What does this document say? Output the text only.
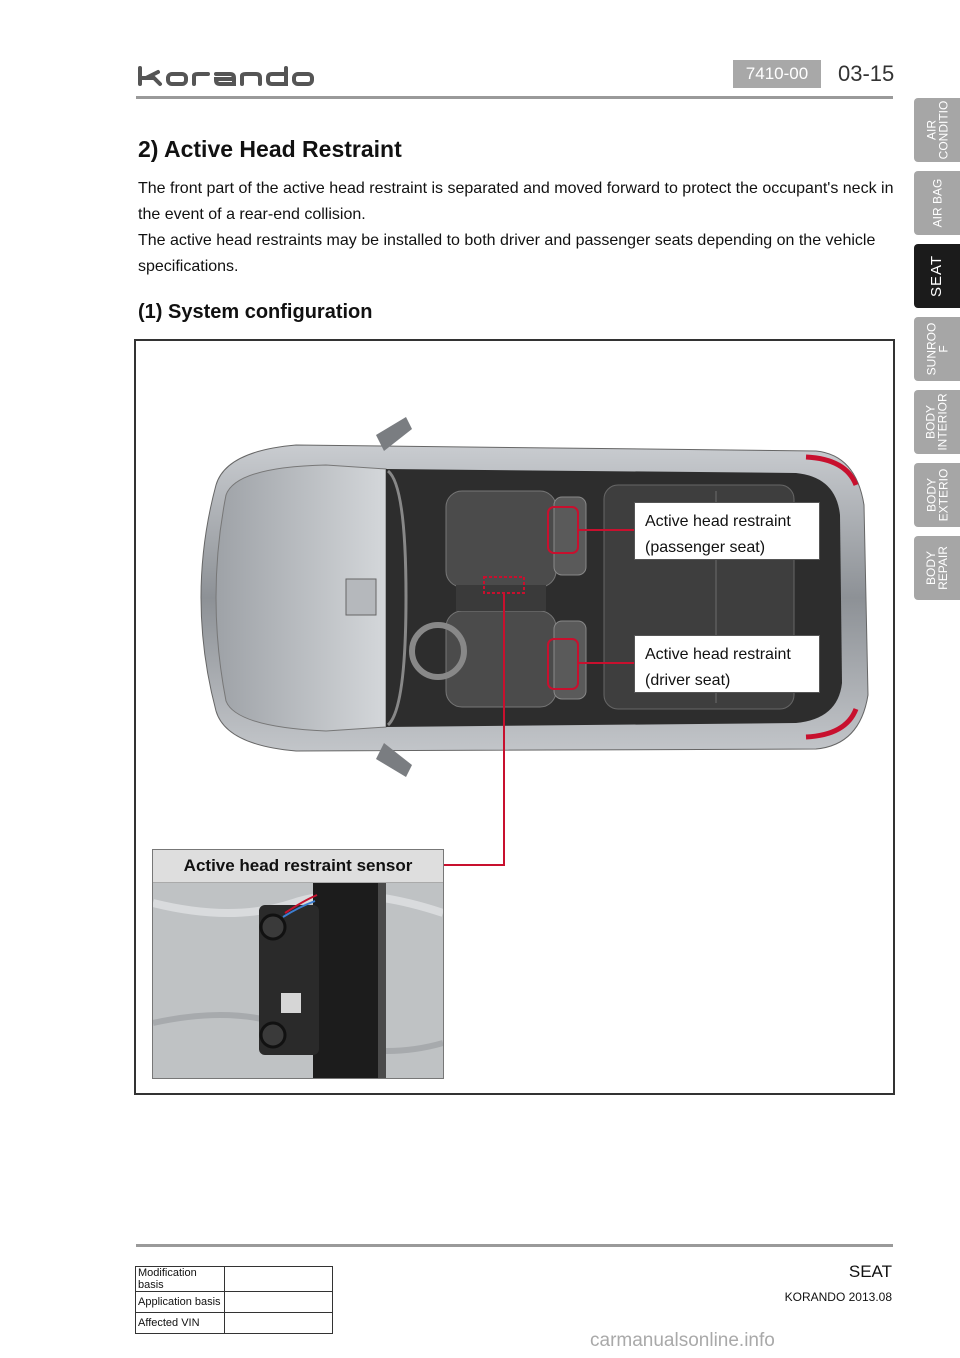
7410-00	03-15
AIR
CONDITIO
AIR BAG
SEAT
SUNROO
F
BODY
INTERIOR
BODY
EXTERIO
BODY
REPAIR
2) Active Head Restraint

The front part of the active head restraint is separated and moved forward to protect the occupant's neck in the event of a rear-end collision.

The active head restraints may be installed to both driver and passenger seats depending on the vehicle specifications.

(1) System configuration
Active head restraint
(passenger seat)
Active head restraint
(driver seat)
Active head restraint sensor
Modification basis	
Application basis	
Affected VIN	
SEAT
KORANDO 2013.08
carmanualsonline.info
